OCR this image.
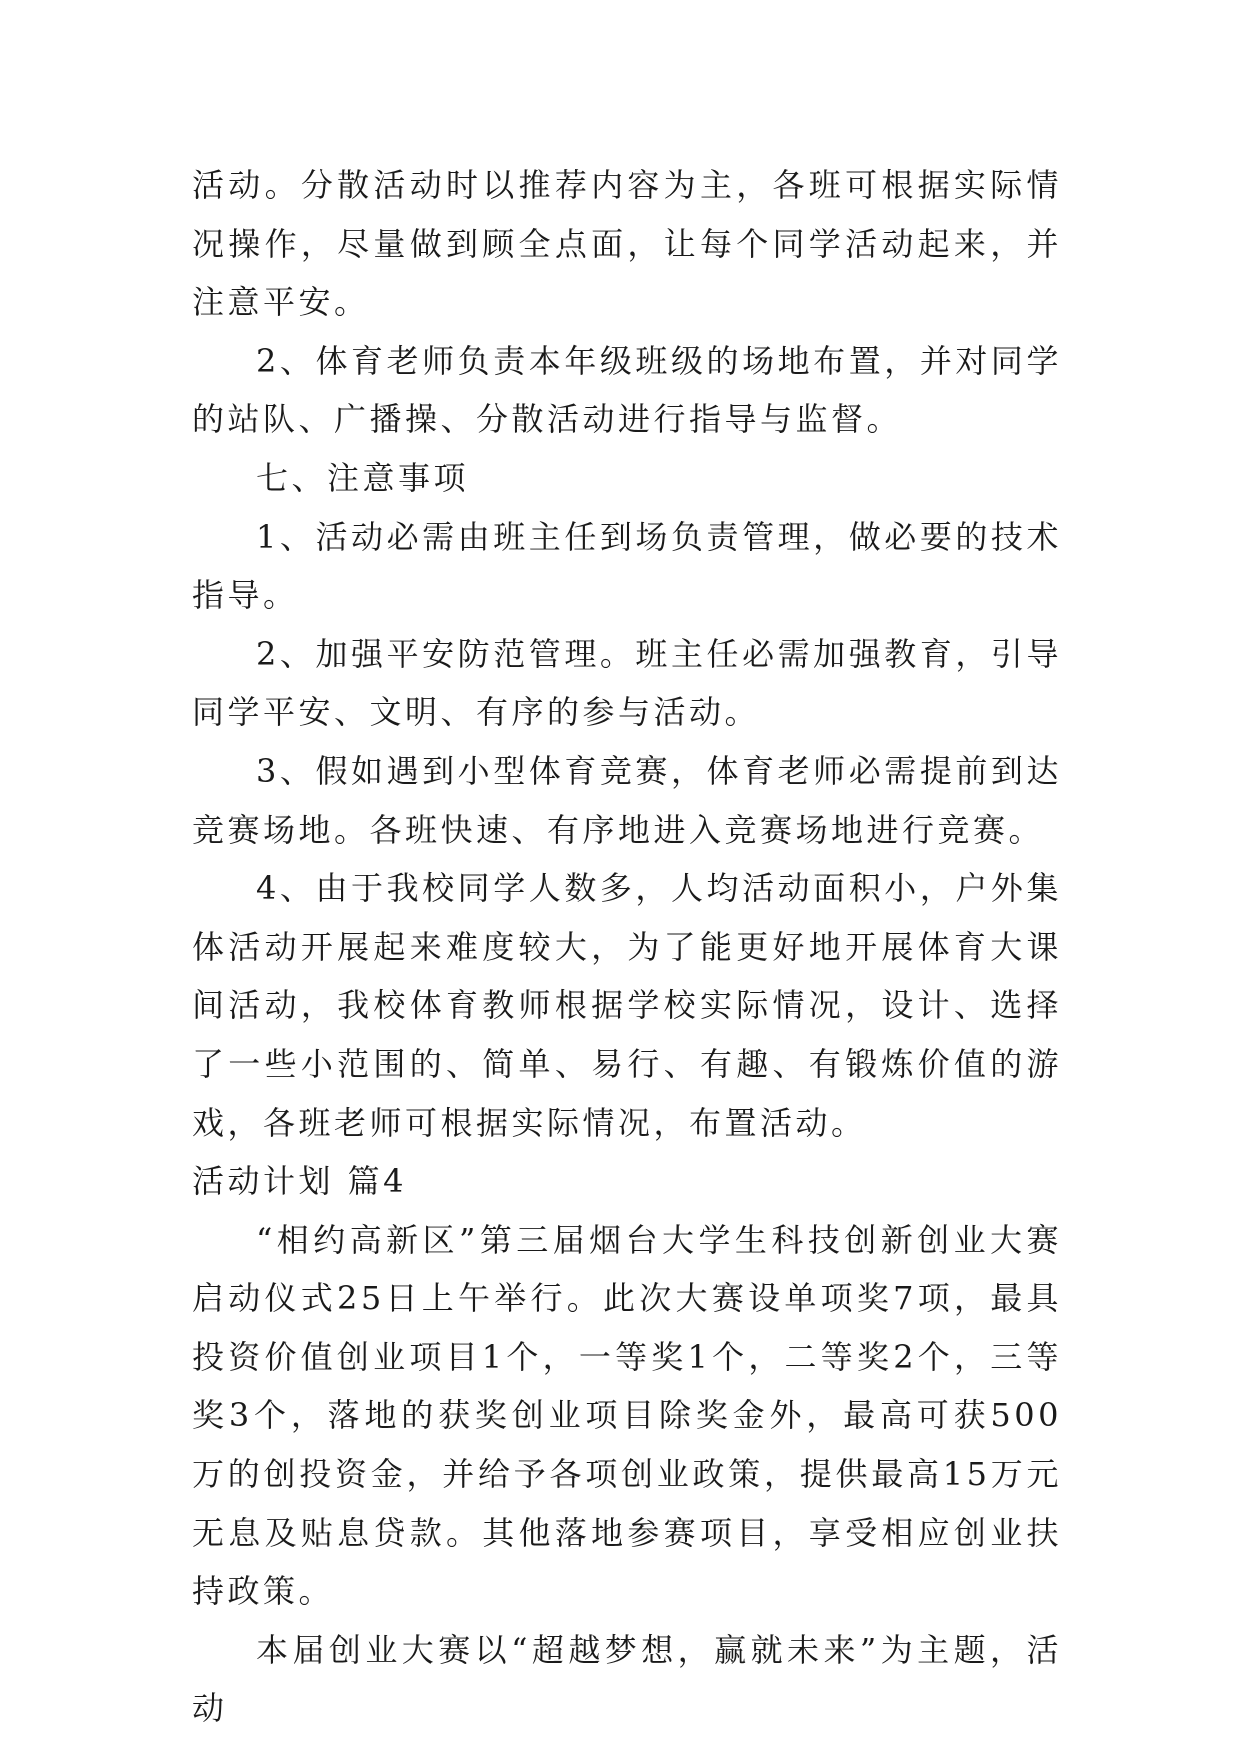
活动。分散活动时以推荐内容为主，各班可根据实际情况操作，尽量做到顾全点面，让每个同学活动起来，并注意平安。

2、体育老师负责本年级班级的场地布置，并对同学的站队、广播操、分散活动进行指导与监督。

七、注意事项

1、活动必需由班主任到场负责管理，做必要的技术指导。

2、加强平安防范管理。班主任必需加强教育，引导同学平安、文明、有序的参与活动。

3、假如遇到小型体育竞赛，体育老师必需提前到达竞赛场地。各班快速、有序地进入竞赛场地进行竞赛。

4、由于我校同学人数多，人均活动面积小，户外集体活动开展起来难度较大，为了能更好地开展体育大课间活动，我校体育教师根据学校实际情况，设计、选择了一些小范围的、简单、易行、有趣、有锻炼价值的游戏，各班老师可根据实际情况，布置活动。

活动计划 篇4

“相约高新区”第三届烟台大学生科技创新创业大赛启动仪式25日上午举行。此次大赛设单项奖7项，最具投资价值创业项目1个，一等奖1个，二等奖2个，三等奖3个，落地的获奖创业项目除奖金外，最高可获500万的创投资金，并给予各项创业政策，提供最高15万元无息及贴息贷款。其他落地参赛项目，享受相应创业扶持政策。

本届创业大赛以“超越梦想，赢就未来”为主题，活动
